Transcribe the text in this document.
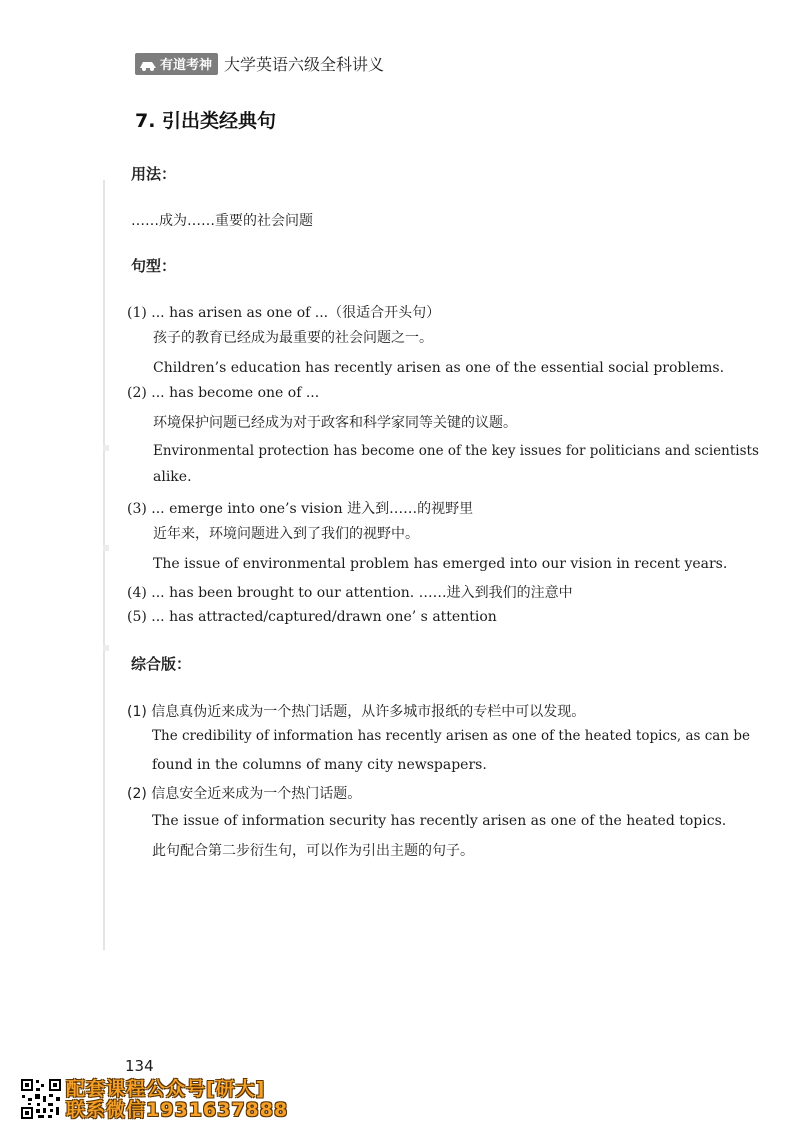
有道考神 大学英语六级全科讲义
7. 引出类经典句
用法：
……成为……重要的社会问题
句型：
(1) ... has arisen as one of ...（很适合开头句）
孩子的教育已经成为最重要的社会问题之一。
Children’s education has recently arisen as one of the essential social problems.
(2) ... has become one of ...
环境保护问题已经成为对于政客和科学家同等关键的议题。
Environmental protection has become one of the key issues for politicians and scientists
alike.
(3) ... emerge into one’s vision 进入到……的视野里
近年来，环境问题进入到了我们的视野中。
The issue of environmental problem has emerged into our vision in recent years.
(4) ... has been brought to our attention. ……进入到我们的注意中
(5) ... has attracted/captured/drawn one’ s attention
综合版：
(1) 信息真伪近来成为一个热门话题，从许多城市报纸的专栏中可以发现。
The credibility of information has recently arisen as one of the heated topics, as can be
found in the columns of many city newspapers.
(2) 信息安全近来成为一个热门话题。
The issue of information security has recently arisen as one of the heated topics.
此句配合第二步衍生句，可以作为引出主题的句子。
134
配套课程公众号[研大]
联系微信1931637888
